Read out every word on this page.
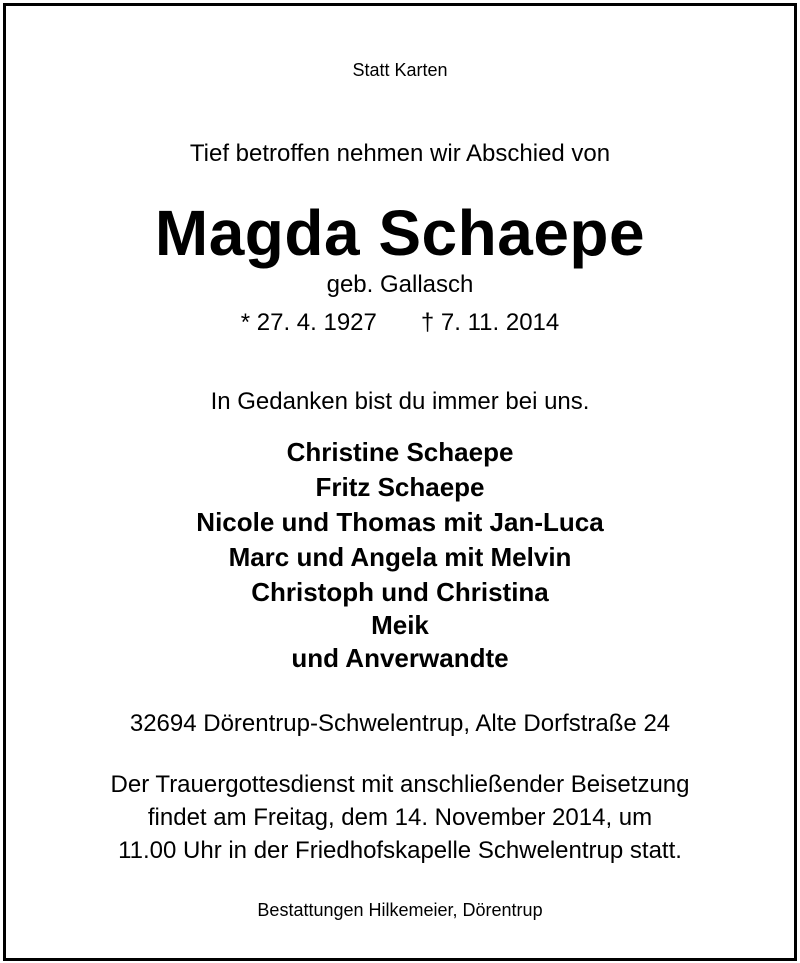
Statt Karten
Tief betroffen nehmen wir Abschied von
Magda Schaepe
geb. Gallasch
* 27. 4. 1927 † 7. 11. 2014
In Gedanken bist du immer bei uns.
Christine Schaepe
Fritz Schaepe
Nicole und Thomas mit Jan-Luca
Marc und Angela mit Melvin
Christoph und Christina
Meik
und Anverwandte
32694 Dörentrup-Schwelentrup, Alte Dorfstraße 24
Der Trauergottesdienst mit anschließender Beisetzung
findet am Freitag, dem 14. November 2014, um
11.00 Uhr in der Friedhofskapelle Schwelentrup statt.
Bestattungen Hilkemeier, Dörentrup
